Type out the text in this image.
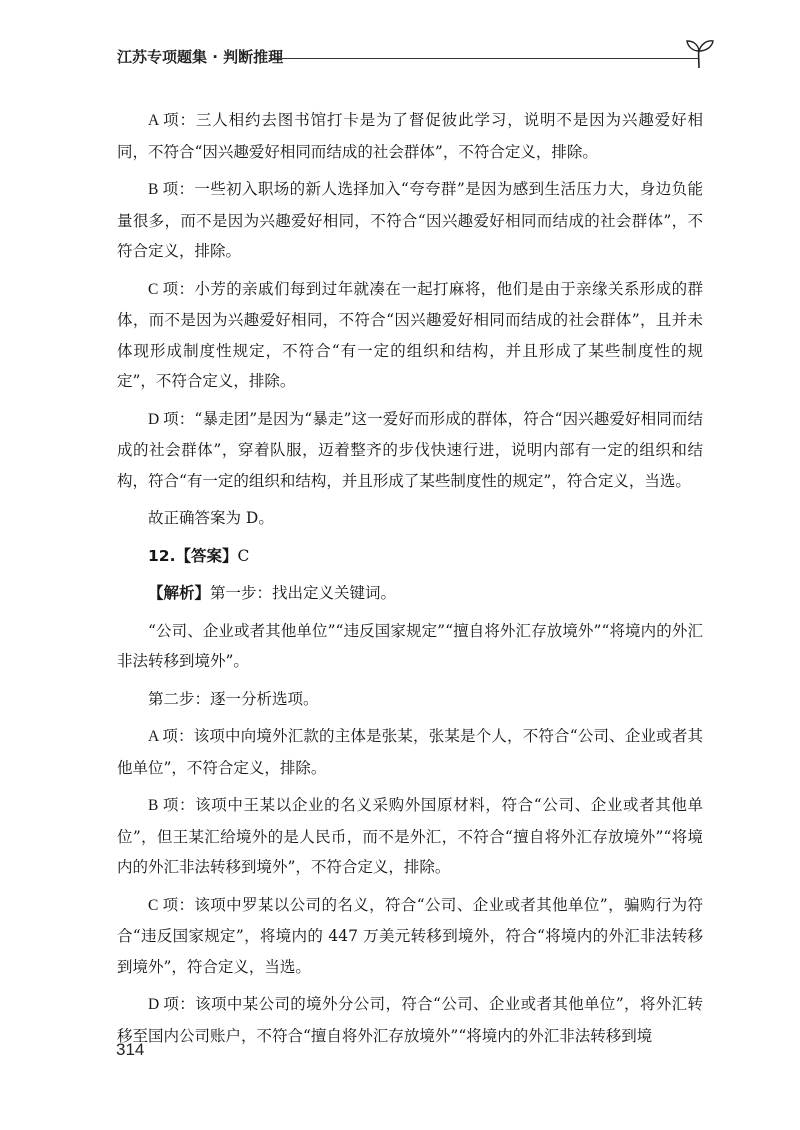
江苏专项题集 · 判断推理

A 项：三人相约去图书馆打卡是为了督促彼此学习，说明不是因为兴趣爱好相同，不符合“因兴趣爱好相同而结成的社会群体”，不符合定义，排除。

B 项：一些初入职场的新人选择加入“夸夸群”是因为感到生活压力大，身边负能量很多，而不是因为兴趣爱好相同，不符合“因兴趣爱好相同而结成的社会群体”，不符合定义，排除。

C 项：小芳的亲戚们每到过年就凑在一起打麻将，他们是由于亲缘关系形成的群体，而不是因为兴趣爱好相同，不符合“因兴趣爱好相同而结成的社会群体”，且并未体现形成制度性规定，不符合“有一定的组织和结构，并且形成了某些制度性的规定”，不符合定义，排除。

D 项：“暴走团”是因为“暴走”这一爱好而形成的群体，符合“因兴趣爱好相同而结成的社会群体”，穿着队服，迈着整齐的步伐快速行进，说明内部有一定的组织和结构，符合“有一定的组织和结构，并且形成了某些制度性的规定”，符合定义，当选。

故正确答案为 D。

12.【答案】C

【解析】第一步：找出定义关键词。

“公司、企业或者其他单位”“违反国家规定”“擅自将外汇存放境外”“将境内的外汇非法转移到境外”。

第二步：逐一分析选项。

A 项：该项中向境外汇款的主体是张某，张某是个人，不符合“公司、企业或者其他单位”，不符合定义，排除。

B 项：该项中王某以企业的名义采购外国原材料，符合“公司、企业或者其他单位”，但王某汇给境外的是人民币，而不是外汇，不符合“擅自将外汇存放境外”“将境内的外汇非法转移到境外”，不符合定义，排除。

C 项：该项中罗某以公司的名义，符合“公司、企业或者其他单位”，骗购行为符合“违反国家规定”，将境内的 447 万美元转移到境外，符合“将境内的外汇非法转移到境外”，符合定义，当选。

D 项：该项中某公司的境外分公司，符合“公司、企业或者其他单位”，将外汇转移至国内公司账户，不符合“擅自将外汇存放境外”“将境内的外汇非法转移到境

314
